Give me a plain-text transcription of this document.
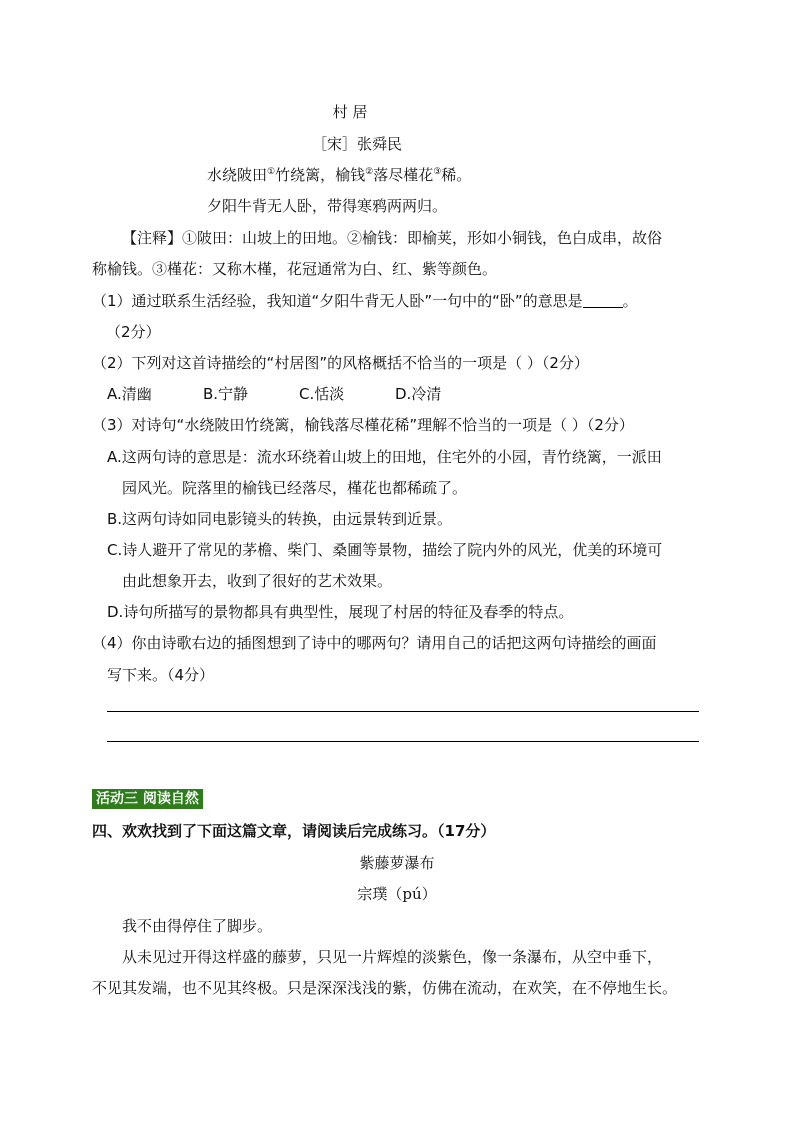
村 居
［宋］张舜民
水绕陂田①竹绕篱，榆钱②落尽槿花③稀。
夕阳牛背无人卧，带得寒鸦两两归。
【注释】①陂田：山坡上的田地。②榆钱：即榆荚，形如小铜钱，色白成串，故俗
称榆钱。③槿花：又称木槿，花冠通常为白、红、紫等颜色。
（1）通过联系生活经验，我知道“夕阳牛背无人卧”一句中的“卧”的意思是	。
（2分）
（2）下列对这首诗描绘的“村居图”的风格概括不恰当的一项是（ ）（2分）
A.清幽	B.宁静	C.恬淡	D.冷清
（3）对诗句“水绕陂田竹绕篱，榆钱落尽槿花稀”理解不恰当的一项是（ ）（2分）
A.这两句诗的意思是：流水环绕着山坡上的田地，住宅外的小园，青竹绕篱，一派田
园风光。院落里的榆钱已经落尽，槿花也都稀疏了。
B.这两句诗如同电影镜头的转换，由远景转到近景。
C.诗人避开了常见的茅檐、柴门、桑圃等景物，描绘了院内外的风光，优美的环境可
由此想象开去，收到了很好的艺术效果。
D.诗句所描写的景物都具有典型性，展现了村居的特征及春季的特点。
（4）你由诗歌右边的插图想到了诗中的哪两句？请用自己的话把这两句诗描绘的画面
写下来。（4分）
活动三 阅读自然
四、欢欢找到了下面这篇文章，请阅读后完成练习。（17分）
紫藤萝瀑布
宗璞（pú）
我不由得停住了脚步。
从未见过开得这样盛的藤萝，只见一片辉煌的淡紫色，像一条瀑布，从空中垂下，
不见其发端，也不见其终极。只是深深浅浅的紫，仿佛在流动，在欢笑，在不停地生长。
